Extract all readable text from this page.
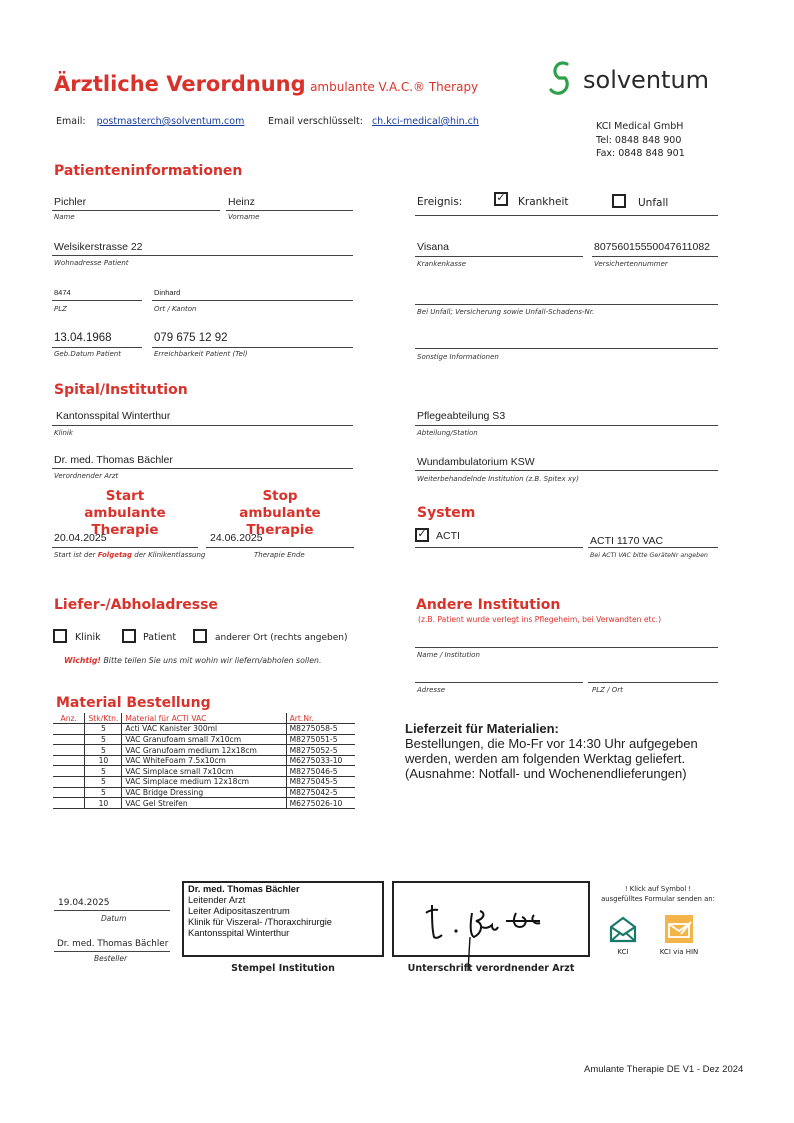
Ärztliche Verordnung ambulante V.A.C.® Therapy	solventum
Email: postmasterch@solventum.com Email verschlüsselt: ch.kci-medical@hin.ch	KCI Medical GmbH
Tel: 0848 848 900
Fax: 0848 848 901
Patienteninformationen
Pichler
Name
Heinz
Vorname
Welsikerstrasse 22
Wohnadresse Patient
8474
PLZ
Dinhard
Ort / Kanton
13.04.1968
Geb.Datum Patient
079 675 12 92
Erreichbarkeit Patient (Tel)
Ereignis:	✓ Krankheit	Unfall
Visana
Krankenkasse
80756015550047611082
Versichertennummer
Bei Unfall; Versicherung sowie Unfall-Schadens-Nr.
Sonstige Informationen
Spital/Institution
Kantonsspital Winterthur
Klinik
Pflegeabteilung S3
Abteilung/Station
Dr. med. Thomas Bächler
Verordnender Arzt
Wundambulatorium KSW
Weiterbehandelnde Institution (z.B. Spitex xy)
Start
ambulante Therapie
Stop
ambulante Therapie
20.04.2025
Start ist der Folgetag der Klinikentlassung
24.06.2025
Therapie Ende
System
✓ ACTI	ACTI 1170 VAC
Bei ACTI VAC bitte GeräteNr angeben
Liefer-/Abholadresse
Klinik	Patient	anderer Ort (rechts angeben)
Wichtig! Bitte teilen Sie uns mit wohin wir liefern/abholen sollen.
Andere Institution
(z.B. Patient wurde verlegt ins Pflegeheim, bei Verwandten etc.)
Name / Institution
Adresse	PLZ / Ort
Material Bestellung
Anz.	Stk/Ktn.	Material für ACTI VAC	Art.Nr.
	5	Acti VAC Kanister 300ml	M8275058-5
	5	VAC Granufoam small 7x10cm	M8275051-5
	5	VAC Granufoam medium 12x18cm	M8275052-5
	10	VAC WhiteFoam 7.5x10cm	M6275033-10
	5	VAC Simplace small 7x10cm	M8275046-5
	5	VAC Simplace medium 12x18cm	M8275045-5
	5	VAC Bridge Dressing	M8275042-5
	10	VAC Gel Streifen	M6275026-10
Lieferzeit für Materialien:
Bestellungen, die Mo-Fr vor 14:30 Uhr aufgegeben
werden, werden am folgenden Werktag geliefert.
(Ausnahme: Notfall- und Wochenendlieferungen)
19.04.2025
Datum
Dr. med. Thomas Bächler
Besteller
Dr. med. Thomas Bächler
Leitender Arzt
Leiter Adipositaszentrum
Klinik für Viszeral- /Thoraxchirurgie
Kantonsspital Winterthur
Stempel Institution	Unterschrift verordnender Arzt
! Klick auf Symbol !
ausgefülltes Formular senden an:
KCI	KCI via HIN
Amulante Therapie DE V1 - Dez 2024
